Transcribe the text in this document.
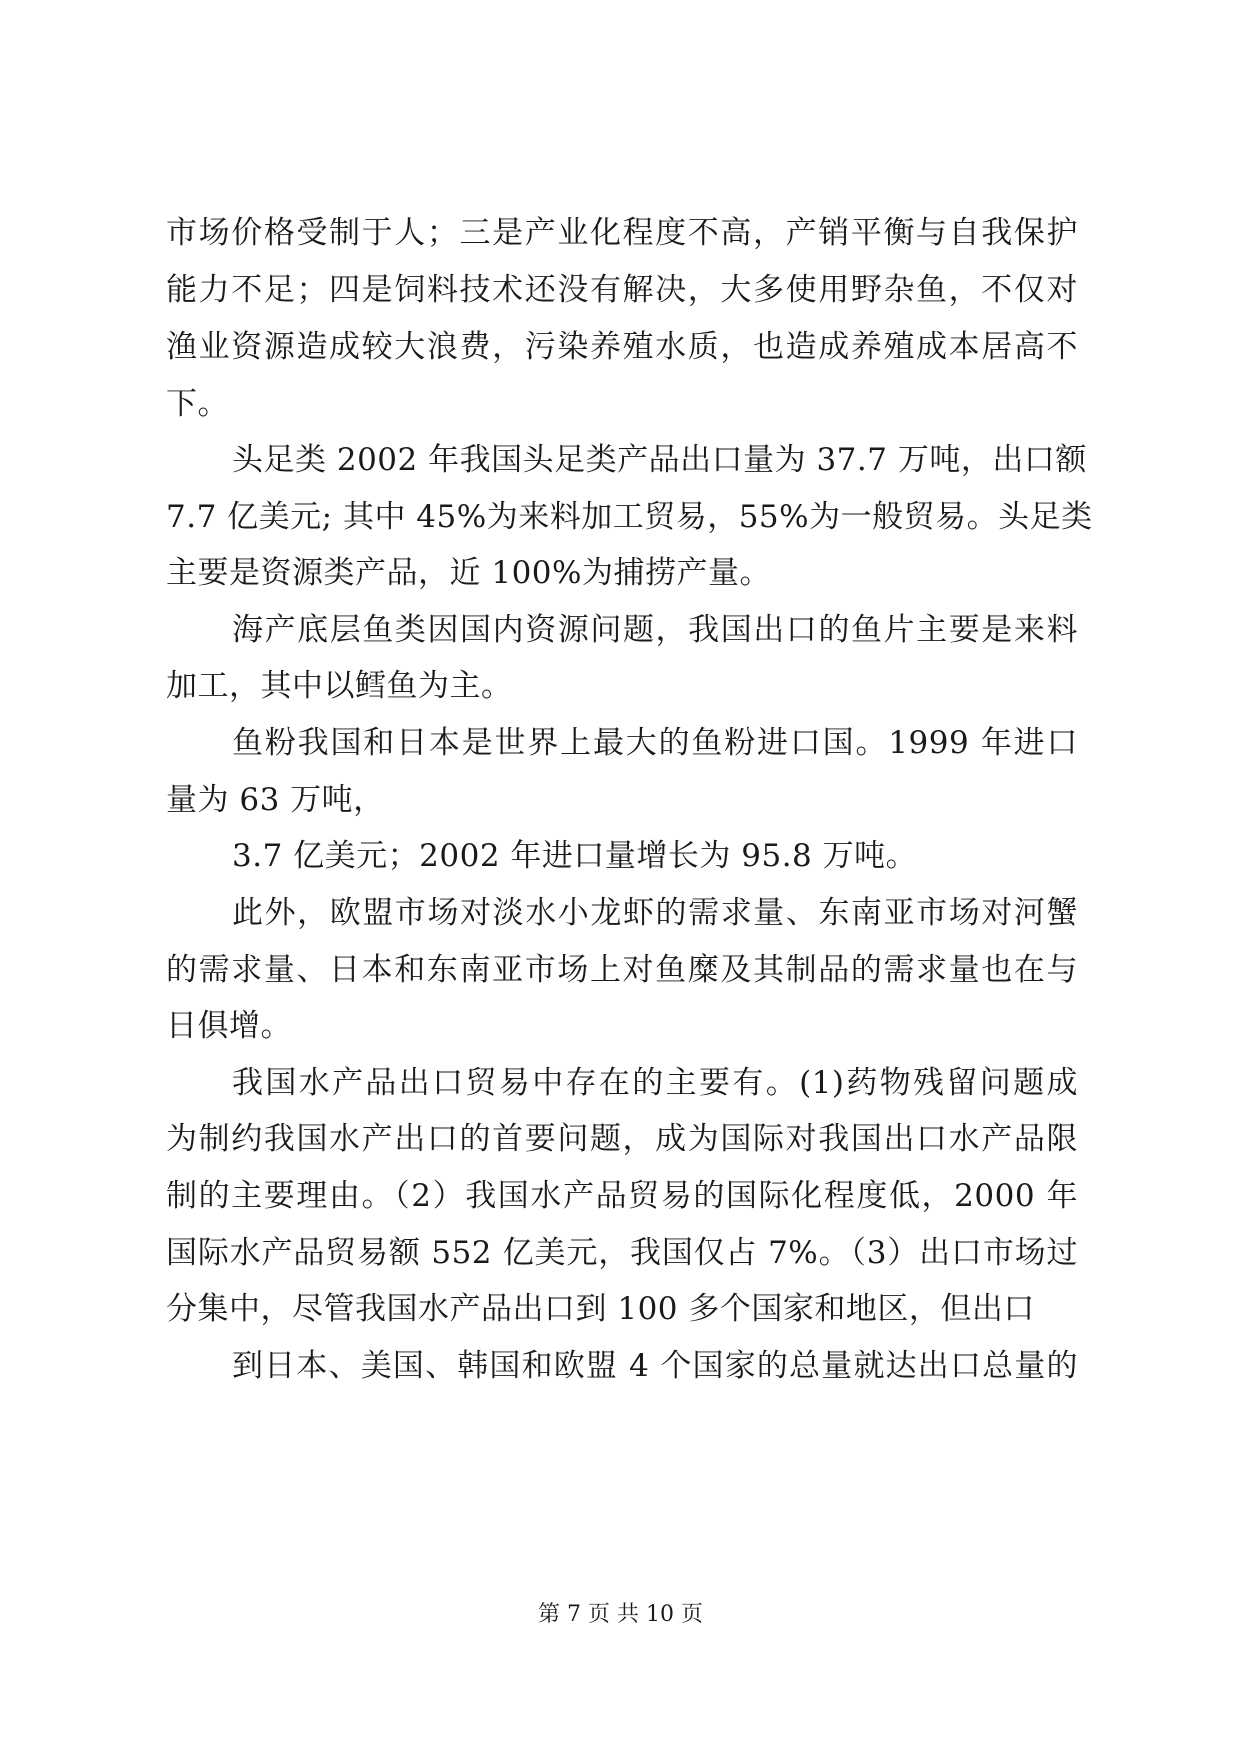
市场价格受制于人；三是产业化程度不高，产销平衡与自我保护
能力不足；四是饲料技术还没有解决，大多使用野杂鱼，不仅对
渔业资源造成较大浪费，污染养殖水质，也造成养殖成本居高不
下。
头足类 2002 年我国头足类产品出口量为 37.7 万吨，出口额
7.7 亿美元; 其中 45%为来料加工贸易，55%为一般贸易。头足类
主要是资源类产品，近 100%为捕捞产量。
海产底层鱼类因国内资源问题，我国出口的鱼片主要是来料
加工，其中以鳕鱼为主。
鱼粉我国和日本是世界上最大的鱼粉进口国。1999 年进口
量为 63 万吨，
3.7 亿美元；2002 年进口量增长为 95.8 万吨。
此外，欧盟市场对淡水小龙虾的需求量、东南亚市场对河蟹
的需求量、日本和东南亚市场上对鱼糜及其制品的需求量也在与
日俱增。
我国水产品出口贸易中存在的主要有。(1)药物残留问题成
为制约我国水产出口的首要问题，成为国际对我国出口水产品限
制的主要理由。（2）我国水产品贸易的国际化程度低，2000 年
国际水产品贸易额 552 亿美元，我国仅占 7%。（3）出口市场过
分集中，尽管我国水产品出口到 100 多个国家和地区，但出口
到日本、美国、韩国和欧盟 4 个国家的总量就达出口总量的
第 7 页 共 10 页
